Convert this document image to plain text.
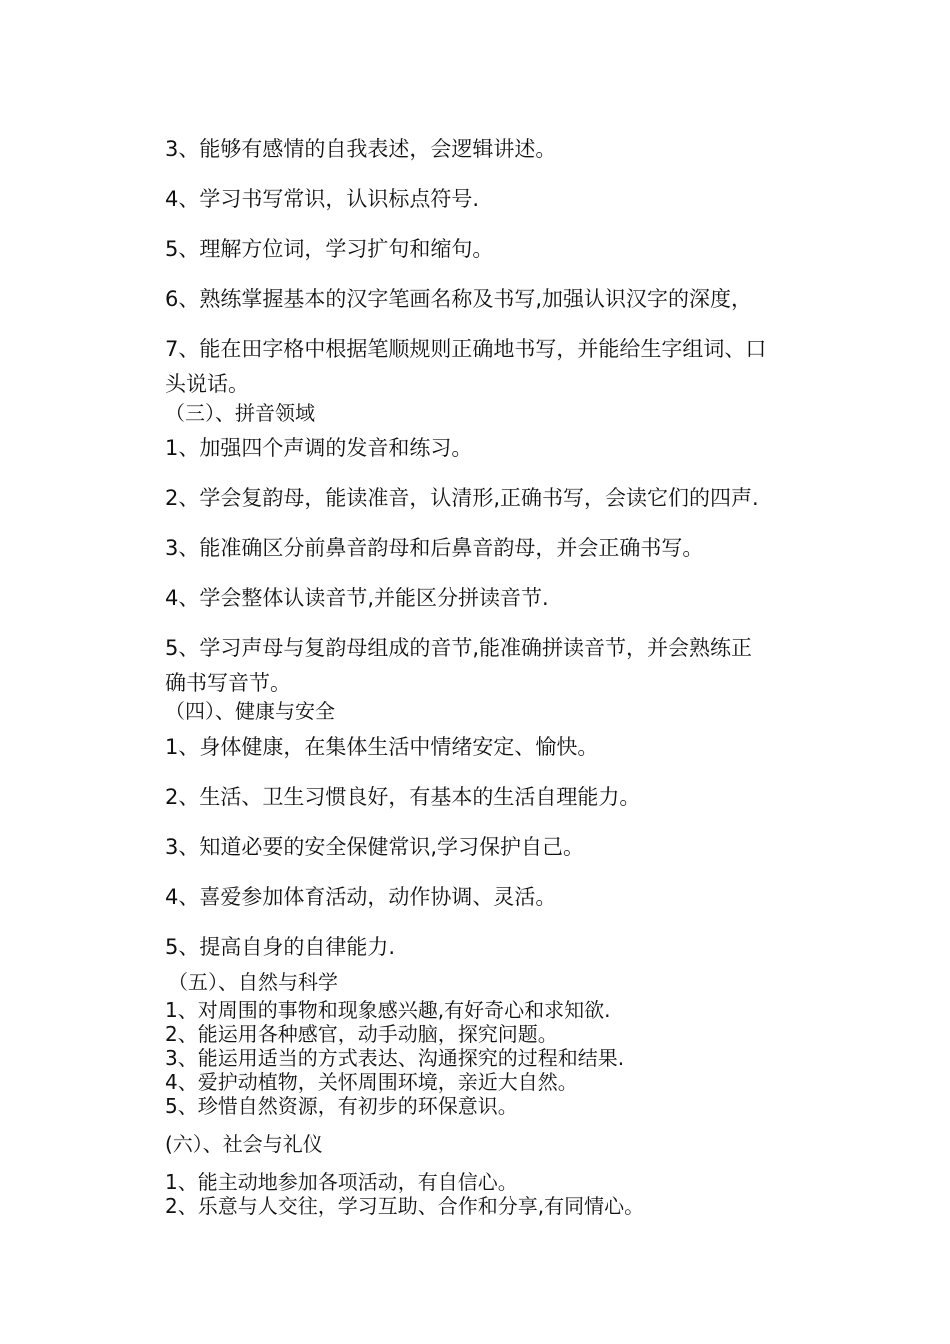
3、能够有感情的自我表述，会逻辑讲述。
4、学习书写常识，认识标点符号.
5、理解方位词，学习扩句和缩句。
6、熟练掌握基本的汉字笔画名称及书写,加强认识汉字的深度，
7、能在田字格中根据笔顺规则正确地书写，并能给生字组词、口
头说话。
（三）、拼音领域
1、加强四个声调的发音和练习。
2、学会复韵母，能读准音，认清形,正确书写，会读它们的四声.
3、能准确区分前鼻音韵母和后鼻音韵母，并会正确书写。
4、学会整体认读音节,并能区分拼读音节.
5、学习声母与复韵母组成的音节,能准确拼读音节，并会熟练正
确书写音节。
（四）、健康与安全
1、身体健康，在集体生活中情绪安定、愉快。
2、生活、卫生习惯良好，有基本的生活自理能力。
3、知道必要的安全保健常识,学习保护自己。
4、喜爱参加体育活动，动作协调、灵活。
5、提高自身的自律能力.
（五）、自然与科学
1、对周围的事物和现象感兴趣,有好奇心和求知欲.
2、能运用各种感官，动手动脑，探究问题。
3、能运用适当的方式表达、沟通探究的过程和结果.
4、爱护动植物，关怀周围环境，亲近大自然。
5、珍惜自然资源，有初步的环保意识。
(六）、社会与礼仪
1、能主动地参加各项活动，有自信心。
2、乐意与人交往，学习互助、合作和分享,有同情心。
